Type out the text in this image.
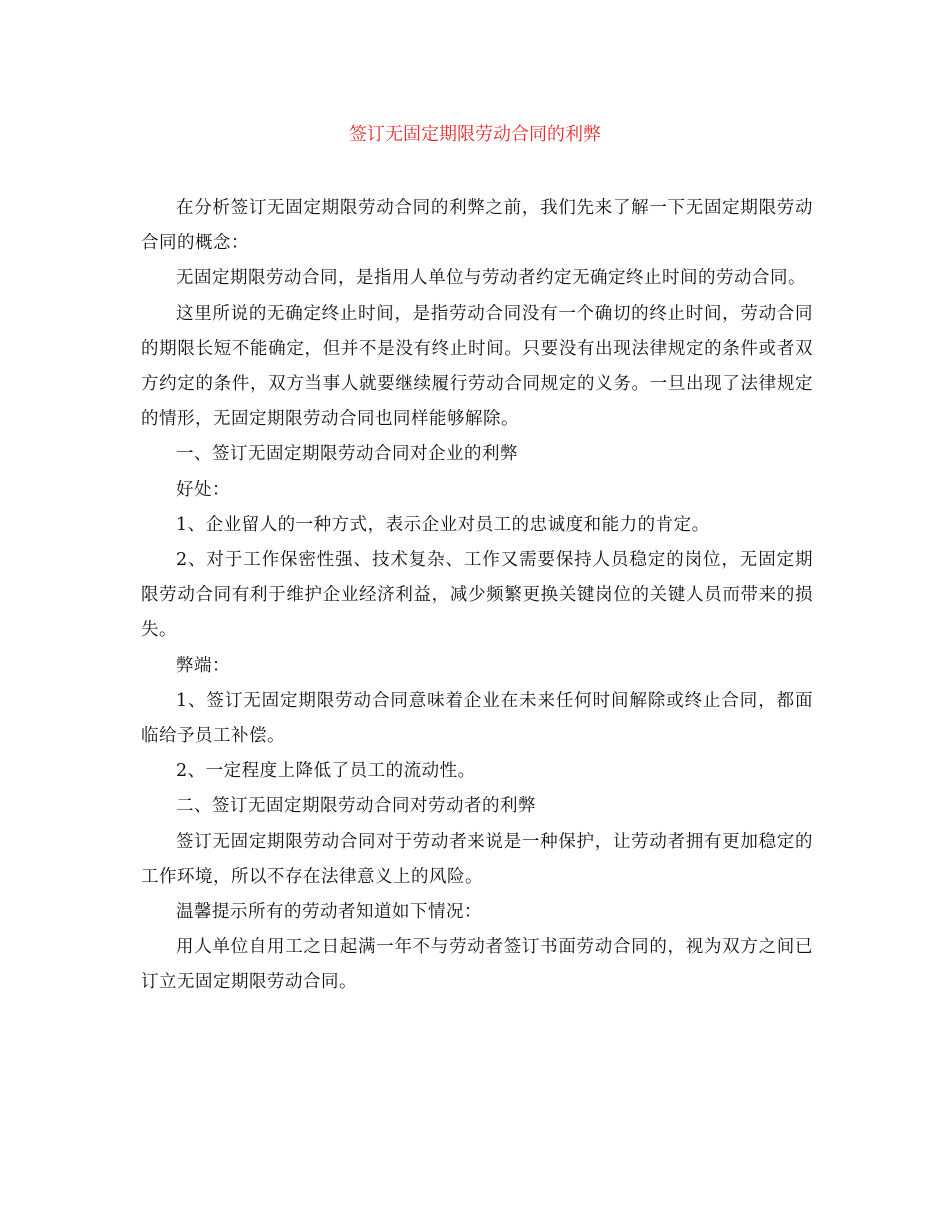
签订无固定期限劳动合同的利弊

在分析签订无固定期限劳动合同的利弊之前，我们先来了解一下无固定期限劳动合同的概念：

无固定期限劳动合同，是指用人单位与劳动者约定无确定终止时间的劳动合同。

这里所说的无确定终止时间，是指劳动合同没有一个确切的终止时间，劳动合同的期限长短不能确定，但并不是没有终止时间。只要没有出现法律规定的条件或者双方约定的条件，双方当事人就要继续履行劳动合同规定的义务。一旦出现了法律规定的情形，无固定期限劳动合同也同样能够解除。

一、签订无固定期限劳动合同对企业的利弊

好处：

1、企业留人的一种方式，表示企业对员工的忠诚度和能力的肯定。

2、对于工作保密性强、技术复杂、工作又需要保持人员稳定的岗位，无固定期限劳动合同有利于维护企业经济利益，减少频繁更换关键岗位的关键人员而带来的损失。

弊端：

1、签订无固定期限劳动合同意味着企业在未来任何时间解除或终止合同，都面临给予员工补偿。

2、一定程度上降低了员工的流动性。

二、签订无固定期限劳动合同对劳动者的利弊

签订无固定期限劳动合同对于劳动者来说是一种保护，让劳动者拥有更加稳定的工作环境，所以不存在法律意义上的风险。

温馨提示所有的劳动者知道如下情况：

用人单位自用工之日起满一年不与劳动者签订书面劳动合同的，视为双方之间已订立无固定期限劳动合同。
